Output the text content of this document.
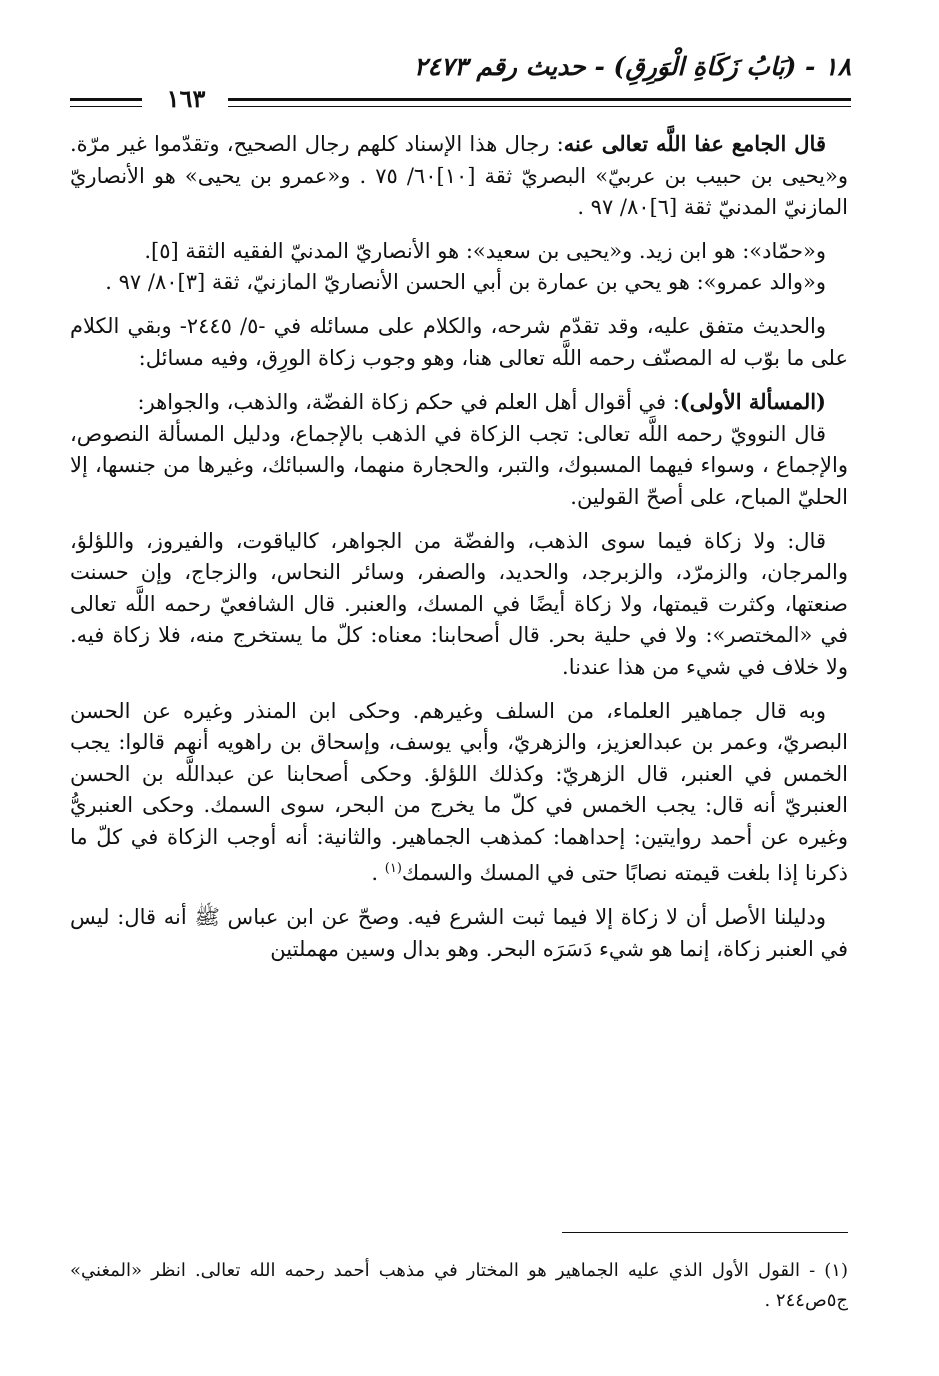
١٨ - (بَابُ زَكَاةِ الْوَرِقِ) - حديث رقم ٢٤٧٣
١٦٣

قال الجامع عفا اللَّه تعالى عنه: رجال هذا الإسناد كلهم رجال الصحيح، وتقدّموا غير مرّة. و«يحيى بن حبيب بن عربيّ» البصريّ ثقة [١٠]٦٠/ ٧٥ . و«عمرو بن يحيى» هو الأنصاريّ المازنيّ المدنيّ ثقة [٦]٨٠/ ٩٧ .

و«حمّاد»: هو ابن زيد. و«يحيى بن سعيد»: هو الأنصاريّ المدنيّ الفقيه الثقة [٥].

و«والد عمرو»: هو يحي بن عمارة بن أبي الحسن الأنصاريّ المازنيّ، ثقة [٣]٨٠/ ٩٧ .

والحديث متفق عليه، وقد تقدّم شرحه، والكلام على مسائله في -٥/ ٢٤٤٥- وبقي الكلام على ما بوّب له المصنّف رحمه اللَّه تعالى هنا، وهو وجوب زكاة الورِق، وفيه مسائل:

(المسألة الأولى): في أقوال أهل العلم في حكم زكاة الفضّة، والذهب، والجواهر:

قال النوويّ رحمه اللَّه تعالى: تجب الزكاة في الذهب بالإجماع، ودليل المسألة النصوص، والإجماع ، وسواء فيهما المسبوك، والتبر، والحجارة منهما، والسبائك، وغيرها من جنسها، إلا الحليّ المباح، على أصحّ القولين.

قال: ولا زكاة فيما سوى الذهب، والفضّة من الجواهر، كالياقوت، والفيروز، واللؤلؤ، والمرجان، والزمرّد، والزبرجد، والحديد، والصفر، وسائر النحاس، والزجاج، وإن حسنت صنعتها، وكثرت قيمتها، ولا زكاة أيضًا في المسك، والعنبر. قال الشافعيّ رحمه اللَّه تعالى في «المختصر»: ولا في حلية بحر. قال أصحابنا: معناه: كلّ ما يستخرج منه، فلا زكاة فيه. ولا خلاف في شيء من هذا عندنا.

وبه قال جماهير العلماء، من السلف وغيرهم. وحكى ابن المنذر وغيره عن الحسن البصريّ، وعمر بن عبدالعزيز، والزهريّ، وأبي يوسف، وإسحاق بن راهويه أنهم قالوا: يجب الخمس في العنبر، قال الزهريّ: وكذلك اللؤلؤ. وحكى أصحابنا عن عبداللَّه بن الحسن العنبريّ أنه قال: يجب الخمس في كلّ ما يخرج من البحر، سوى السمك. وحكى العنبريُّ وغيره عن أحمد روايتين: إحداهما: كمذهب الجماهير. والثانية: أنه أوجب الزكاة في كلّ ما ذكرنا إذا بلغت قيمته نصابًا حتى في المسك والسمك$^{(١)}$ .

ودليلنا الأصل أن لا زكاة إلا فيما ثبت الشرع فيه. وصحّ عن ابن عباس ﷺ أنه قال: ليس في العنبر زكاة، إنما هو شيء دَسَرَه البحر. وهو بدال وسين مهملتين

(١) - القول الأول الذي عليه الجماهير هو المختار في مذهب أحمد رحمه الله تعالى. انظر «المغني» ج٥ص٢٤٤ .
